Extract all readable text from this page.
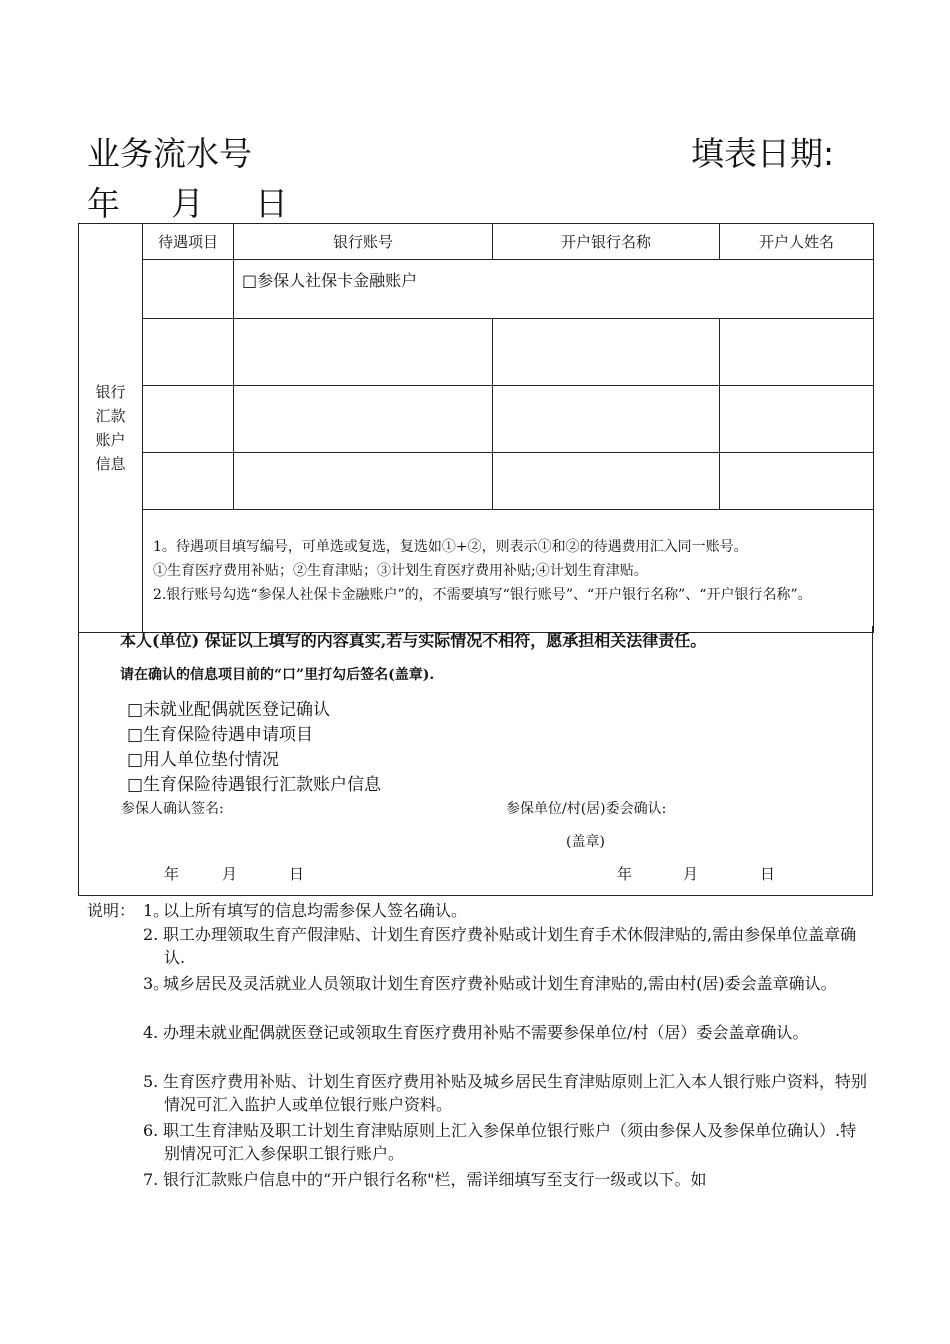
业务流水号	填表日期:
年 月 日
银行
汇款
账户
信息	待遇项目	银行账号	开户银行名称	开户人姓名
		□参保人社保卡金融账户		

	1。待遇项目填写编号，可单选或复选，复选如①+②，则表示①和②的待遇费用汇入同一账号。
①生育医疗费用补贴；②生育津贴；③计划生育医疗费用补贴;④计划生育津贴。
2.银行账号勾选“参保人社保卡金融账户”的，不需要填写“银行账号”、“开户银行名称”、“开户银行名称”。			
本人(单位) 保证以上填写的内容真实,若与实际情况不相符，愿承担相关法律责任。
请在确认的信息项目前的“口”里打勾后签名(盖章).
□未就业配偶就医登记确认
□生育保险待遇申请项目
□用人单位垫付情况
□生育保险待遇银行汇款账户信息
参保人确认签名:	参保单位/村(居)委会确认:
(盖章)
年	月	日	年	月	日
说明： 1。
以上所有填写的信息均需参保人签名确认。
2. 职工办理领取生育产假津贴、计划生育医疗费补贴或计划生育手术休假津贴的,需由参保单位盖章确认.
3。
城乡居民及灵活就业人员领取计划生育医疗费补贴或计划生育津贴的,需由村(居)委会盖章确认。
4. 办理未就业配偶就医登记或领取生育医疗费用补贴不需要参保单位/村（居）委会盖章确认。
5. 生育医疗费用补贴、计划生育医疗费用补贴及城乡居民生育津贴原则上汇入本人银行账户资料，特别情况可汇入监护人或单位银行账户资料。
6. 职工生育津贴及职工计划生育津贴原则上汇入参保单位银行账户（须由参保人及参保单位确认）.特别情况可汇入参保职工银行账户。
7. 银行汇款账户信息中的“开户银行名称"栏，需详细填写至支行一级或以下。如
